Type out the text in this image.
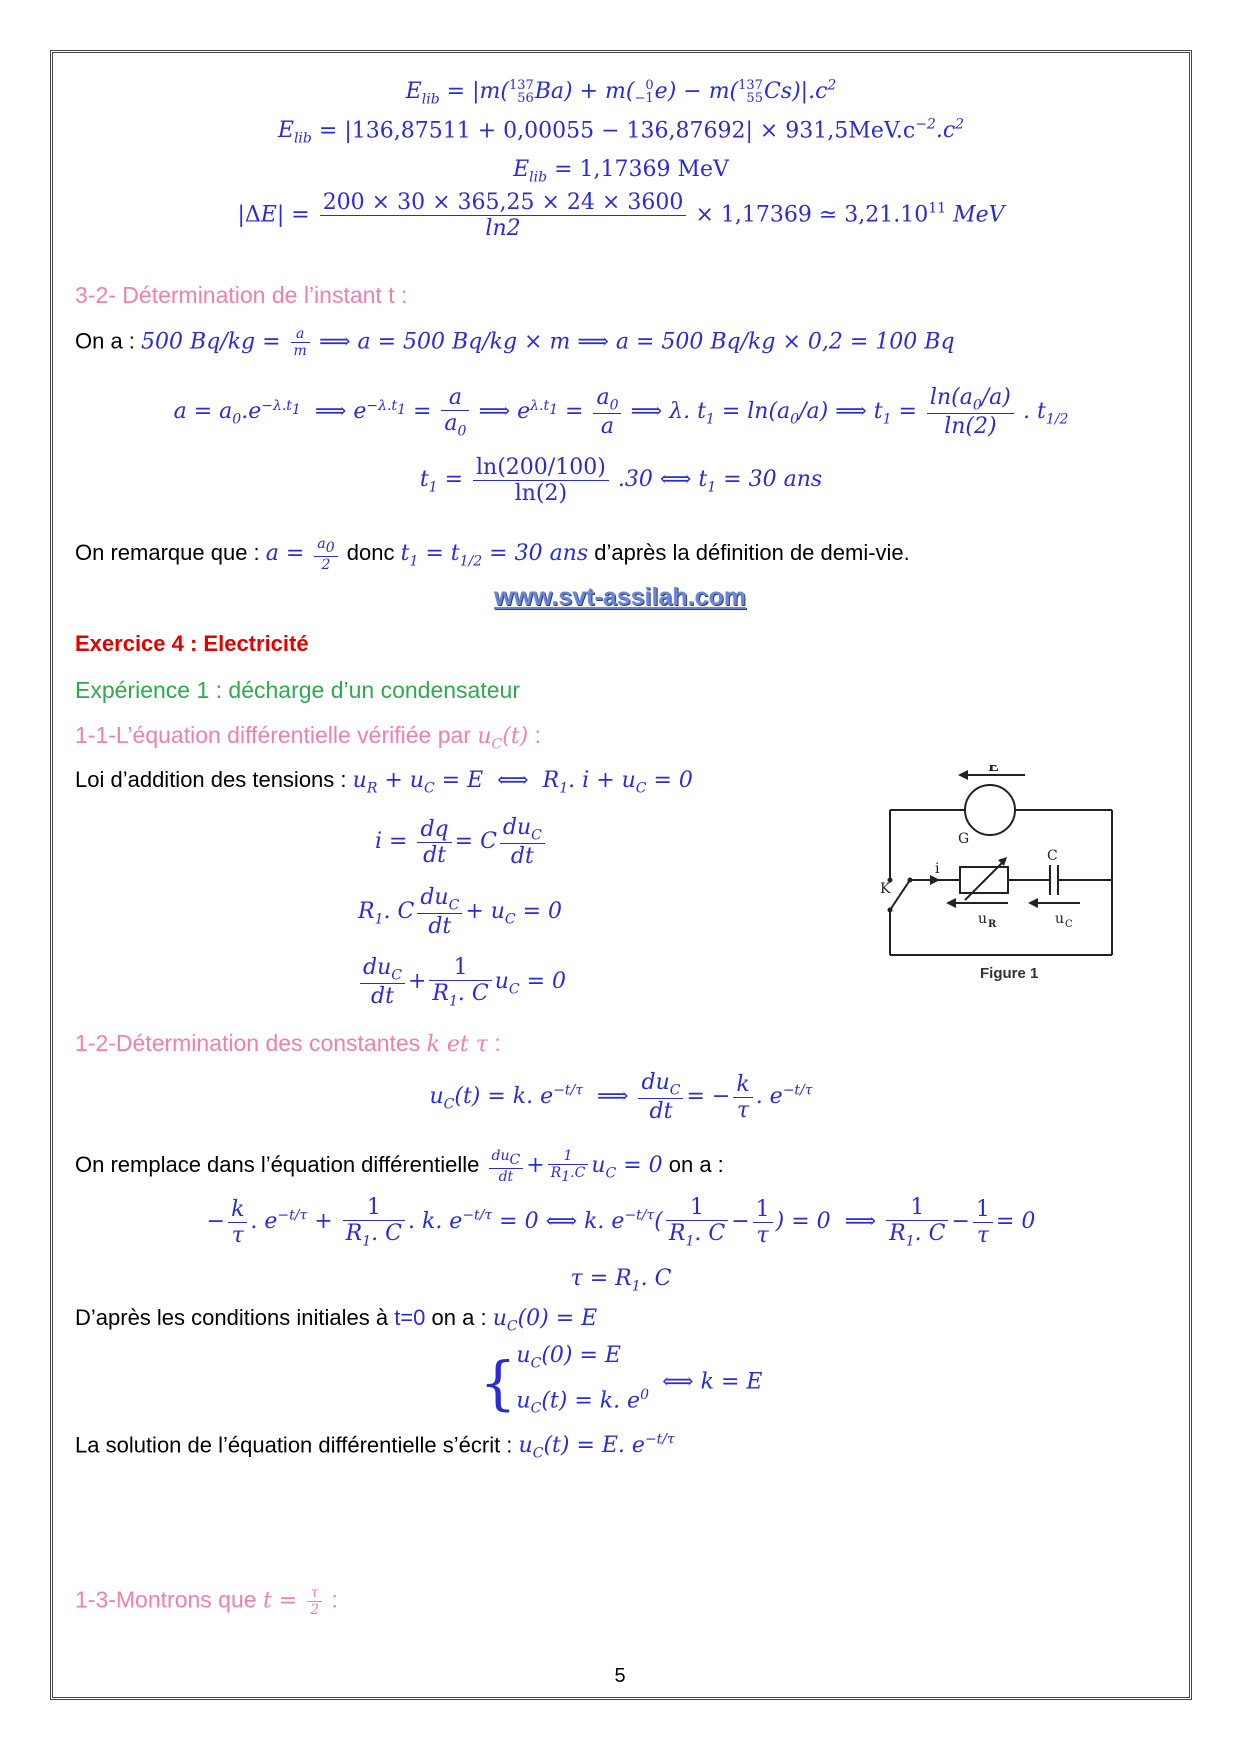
$E_{lib} = |m$( 137
56 Ba) + m( 0
−1 e) − m( 137
55 $Cs)|.c^2$
$E_{lib} = |136,87511 + 0,00055 - 136,87692| \times 931,5MeV.c^{-2}.c^2$
$E_{lib} = 1,17369$ MeV
$|\Delta E| = \frac{200 \times 30 \times 365,25 \times 24 \times 3600}{\ln 2} \times 1,17369$ ≃ 3,21.10$^{11}$ MeV
3-2- Détermination de l’instant t :
On a : 500 $Bq/kg = \frac{a}{m}$ ⟹ a = 500 Bq/kg × m ⟹ a = 500 Bq/kg × 0,2 = 100 Bq
$a = a_0.e^{-\lambda.t_1}$  ⟹ $e^{-\lambda.t_1} = \frac{a}{a_0}$ ⟹ $e^{\lambda.t_1} = \frac{a_0}{a}$ ⟹ λ. $t_1 = \ln(a_0/a)$ ⟹ $t_1 = \frac{\ln(a_0/a)}{\ln(2)}$ . $t_{1/2}$
$t_1 = \frac{\ln(200/100)}{\ln(2)} .30$ ⟺ $t_1 = 30$ ans
On remarque que : $a = \frac{a_0}{2}$ donc $t_1 = t_{1/2} = 30$ ans d’après la définition de demi-vie.
www.svt-assilah.com
Exercice 4 : Electricité
Expérience 1 : décharge d’un condensateur
1-1-L’équation différentielle vérifiée par $u_C(t)$ :
Loi d’addition des tensions : $u_R + u_C = E$  ⟺  $R_1$. $i + u_C = 0$
$i = \frac{dq}{dt} = C \frac{du_C}{dt}$
$R_1$. C $\frac{du_C}{dt} + u_C = 0$
$\frac{du_C}{dt} + \frac{1}{R_1. C} u_C = 0$
1-2-Détermination des constantes k et τ :
$u_C(t) = k$. $e^{-t/\tau}$  ⟹ $\frac{du_C}{dt}$ = − $\frac{k}{\tau}$ . $e^{-t/\tau}$
On remplace dans l’équation différentielle $\frac{du_C}{dt} + \frac{1}{R_1.C} u_C = 0$ on a :
− $\frac{k}{\tau}$ . $e^{-t/\tau} + \frac{1}{R_1. C}$ . k. $e^{-t/\tau} = 0$ ⟺ k. $e^{-t/\tau}( \frac{1}{R_1. C} - \frac{1}{\tau}$ ) = 0  ⟹ $\frac{1}{R_1. C} - \frac{1}{\tau} = 0$
$\tau = R_1$. C
D’après les conditions initiales à t=0 on a : $u_C(0) = E$
{ $u_C(0) = E$
$u_C(t) = k$. $e^0$
⟺ k = E
La solution de l’équation différentielle s’écrit : $u_C(t) = E$. $e^{-t/\tau}$
1-3-Montrons que $t = \frac{\tau}{2}$ :
E
G
C
K
i
u R	u C
Figure 1
5
